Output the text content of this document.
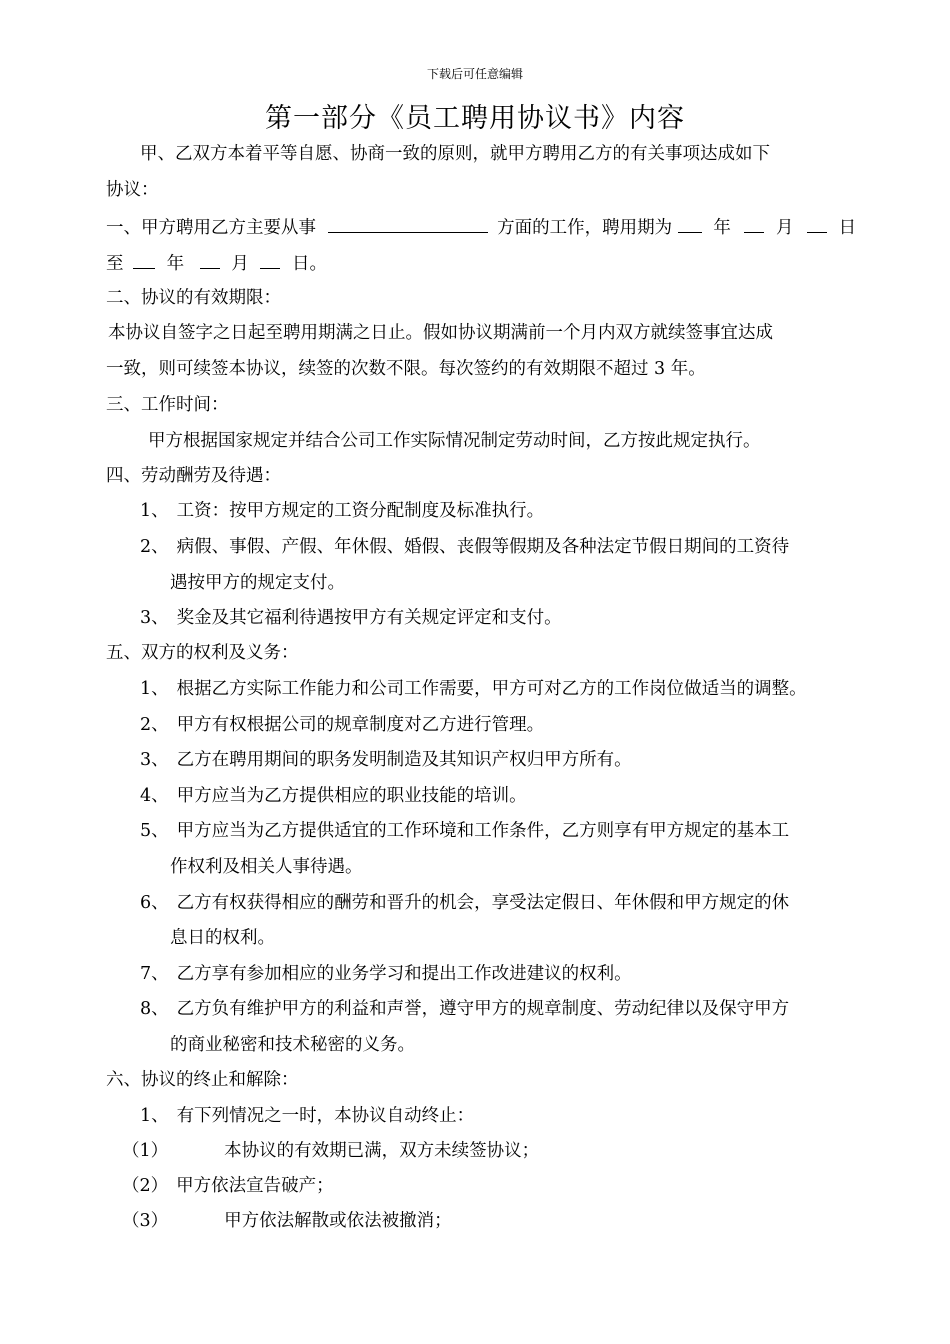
下载后可任意编辑
第一部分《员工聘用协议书》内容
甲、乙双方本着平等自愿、协商一致的原则，就甲方聘用乙方的有关事项达成如下
协议：
一、甲方聘用乙方主要从事	方面的工作，聘用期为 年	月	日
至 年	月 日。
二、协议的有效期限：
本协议自签字之日起至聘用期满之日止。假如协议期满前一个月内双方就续签事宜达成
一致，则可续签本协议，续签的次数不限。每次签约的有效期限不超过 3 年。
三、工作时间：
甲方根据国家规定并结合公司工作实际情况制定劳动时间，乙方按此规定执行。
四、劳动酬劳及待遇：
1、 工资：按甲方规定的工资分配制度及标准执行。
2、 病假、事假、产假、年休假、婚假、丧假等假期及各种法定节假日期间的工资待
遇按甲方的规定支付。
3、 奖金及其它福利待遇按甲方有关规定评定和支付。
五、双方的权利及义务：
1、 根据乙方实际工作能力和公司工作需要，甲方可对乙方的工作岗位做适当的调整。
2、 甲方有权根据公司的规章制度对乙方进行管理。
3、 乙方在聘用期间的职务发明制造及其知识产权归甲方所有。
4、 甲方应当为乙方提供相应的职业技能的培训。
5、 甲方应当为乙方提供适宜的工作环境和工作条件，乙方则享有甲方规定的基本工
作权利及相关人事待遇。
6、 乙方有权获得相应的酬劳和晋升的机会，享受法定假日、年休假和甲方规定的休
息日的权利。
7、 乙方享有参加相应的业务学习和提出工作改进建议的权利。
8、 乙方负有维护甲方的利益和声誉，遵守甲方的规章制度、劳动纪律以及保守甲方
的商业秘密和技术秘密的义务。
六、协议的终止和解除：
1、 有下列情况之一时，本协议自动终止：
（1）	本协议的有效期已满，双方未续签协议；
（2） 甲方依法宣告破产；
（3）	甲方依法解散或依法被撤消；
